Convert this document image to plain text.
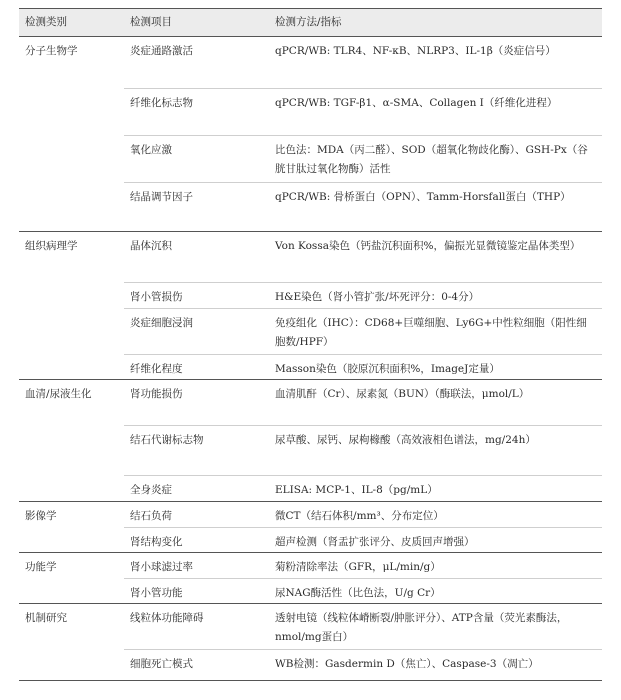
检测类别	检测项目	检测方法/指标
分子生物学	炎症通路激活	qPCR/WB: TLR4、NF-κB、NLRP3、IL-1β（炎症信号）
	纤维化标志物	qPCR/WB: TGF-β1、α-SMA、Collagen I（纤维化进程）
	氧化应激	比色法：MDA（丙二醛）、SOD（超氧化物歧化酶）、GSH-Px（谷胱甘肽过氧化物酶）活性
	结晶调节因子	qPCR/WB: 骨桥蛋白（OPN）、Tamm-Horsfall蛋白（THP）
组织病理学	晶体沉积	Von Kossa染色（钙盐沉积面积%，偏振光显微镜鉴定晶体类型）
	肾小管损伤	H&E染色（肾小管扩张/坏死评分：0-4分）
	炎症细胞浸润	免疫组化（IHC）：CD68+巨噬细胞、Ly6G+中性粒细胞（阳性细胞数/HPF）
	纤维化程度	Masson染色（胶原沉积面积%，ImageJ定量）
血清/尿液生化	肾功能损伤	血清肌酐（Cr）、尿素氮（BUN）（酶联法，μmol/L）
	结石代谢标志物	尿草酸、尿钙、尿枸橼酸（高效液相色谱法，mg/24h）
	全身炎症	ELISA: MCP-1、IL-8（pg/mL）
影像学	结石负荷	微CT（结石体积/mm³、分布定位）
	肾结构变化	超声检测（肾盂扩张评分、皮质回声增强）
功能学	肾小球滤过率	菊粉清除率法（GFR，μL/min/g）
	肾小管功能	尿NAG酶活性（比色法，U/g Cr）
机制研究	线粒体功能障碍	透射电镜（线粒体嵴断裂/肿胀评分）、ATP含量（荧光素酶法，nmol/mg蛋白）
	细胞死亡模式	WB检测：Gasdermin D（焦亡）、Caspase-3（凋亡）
